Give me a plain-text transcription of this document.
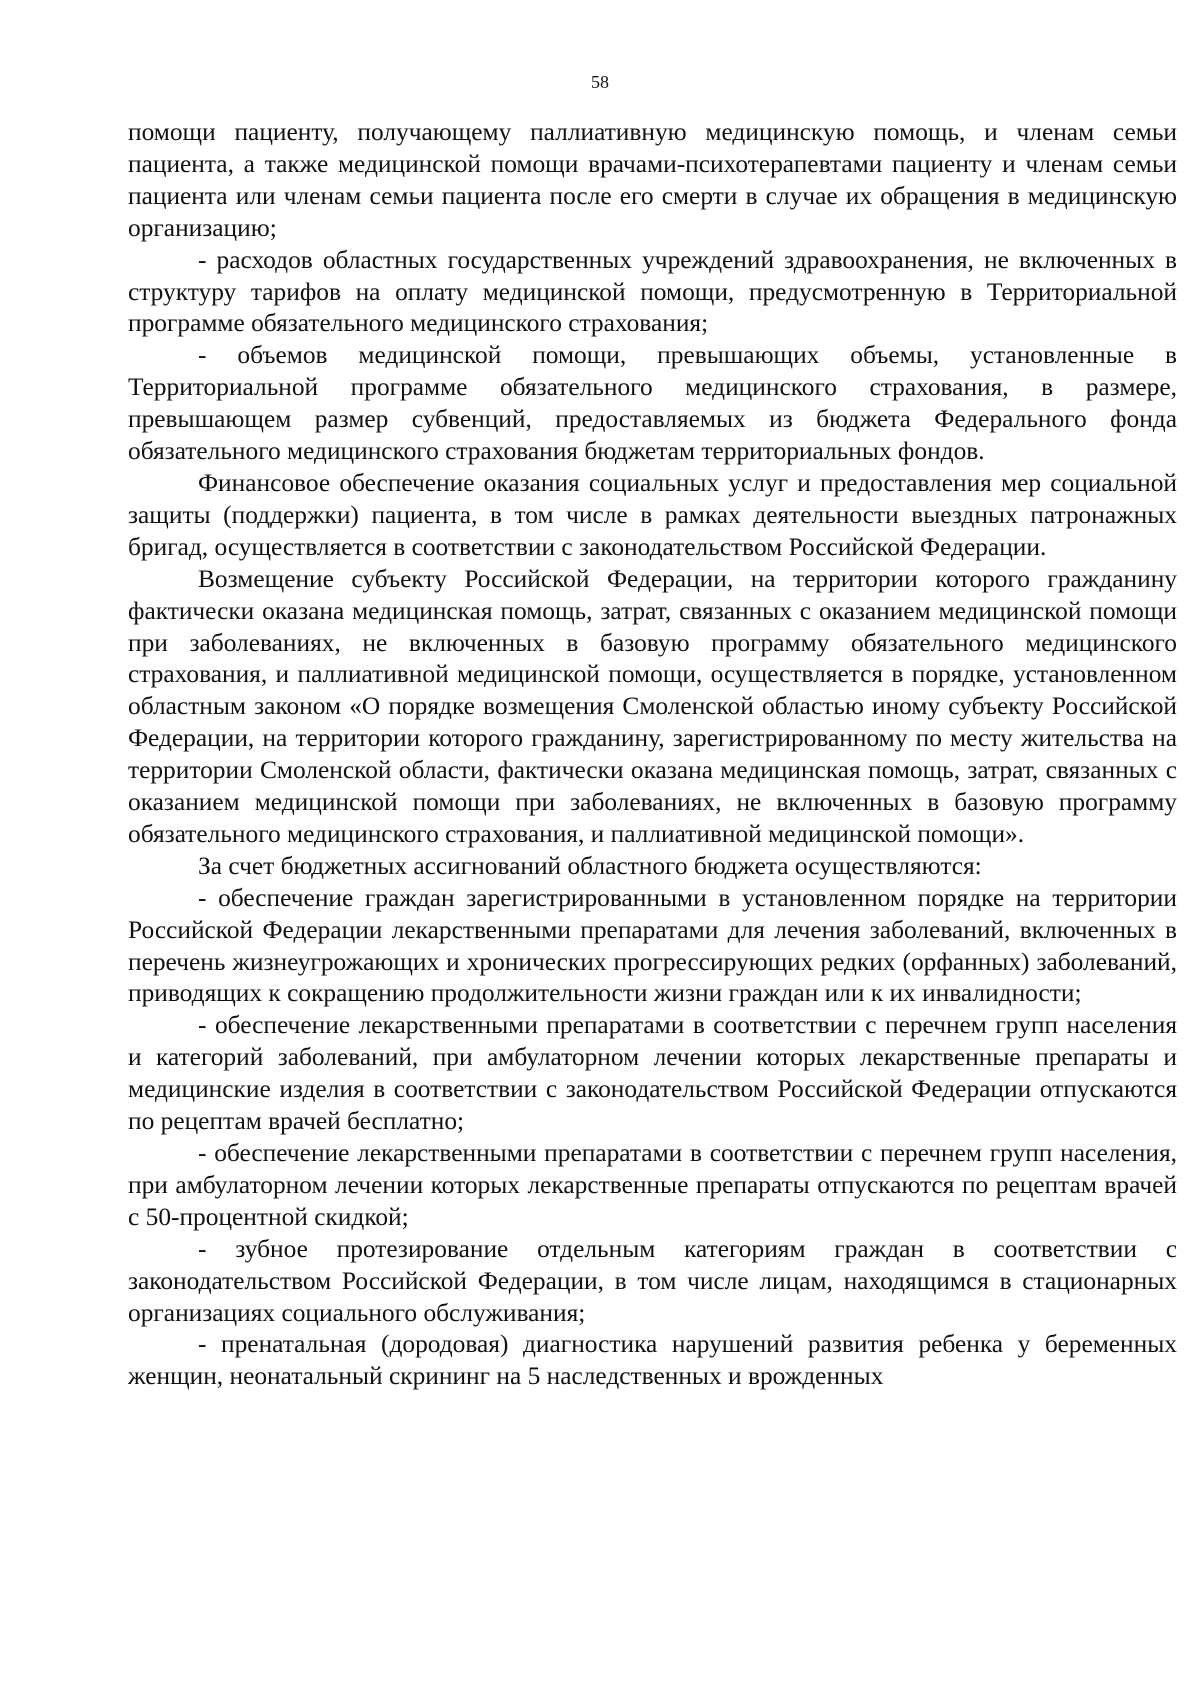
58

помощи пациенту, получающему паллиативную медицинскую помощь, и членам семьи пациента, а также медицинской помощи врачами-психотерапевтами пациенту и членам семьи пациента или членам семьи пациента после его смерти в случае их обращения в медицинскую организацию;

- расходов областных государственных учреждений здравоохранения, не включенных в структуру тарифов на оплату медицинской помощи, предусмотренную в Территориальной программе обязательного медицинского страхования;

- объемов медицинской помощи, превышающих объемы, установленные в Территориальной программе обязательного медицинского страхования, в размере, превышающем размер субвенций, предоставляемых из бюджета Федерального фонда обязательного медицинского страхования бюджетам территориальных фондов.

Финансовое обеспечение оказания социальных услуг и предоставления мер социальной защиты (поддержки) пациента, в том числе в рамках деятельности выездных патронажных бригад, осуществляется в соответствии с законодательством Российской Федерации.

Возмещение субъекту Российской Федерации, на территории которого гражданину фактически оказана медицинская помощь, затрат, связанных с оказанием медицинской помощи при заболеваниях, не включенных в базовую программу обязательного медицинского страхования, и паллиативной медицинской помощи, осуществляется в порядке, установленном областным законом «О порядке возмещения Смоленской областью иному субъекту Российской Федерации, на территории которого гражданину, зарегистрированному по месту жительства на территории Смоленской области, фактически оказана медицинская помощь, затрат, связанных с оказанием медицинской помощи при заболеваниях, не включенных в базовую программу обязательного медицинского страхования, и паллиативной медицинской помощи».

За счет бюджетных ассигнований областного бюджета осуществляются:

- обеспечение граждан зарегистрированными в установленном порядке на территории Российской Федерации лекарственными препаратами для лечения заболеваний, включенных в перечень жизнеугрожающих и хронических прогрессирующих редких (орфанных) заболеваний, приводящих к сокращению продолжительности жизни граждан или к их инвалидности;

- обеспечение лекарственными препаратами в соответствии с перечнем групп населения и категорий заболеваний, при амбулаторном лечении которых лекарственные препараты и медицинские изделия в соответствии с законодательством Российской Федерации отпускаются по рецептам врачей бесплатно;

- обеспечение лекарственными препаратами в соответствии с перечнем групп населения, при амбулаторном лечении которых лекарственные препараты отпускаются по рецептам врачей с 50-процентной скидкой;

- зубное протезирование отдельным категориям граждан в соответствии с законодательством Российской Федерации, в том числе лицам, находящимся в стационарных организациях социального обслуживания;

- пренатальная (дородовая) диагностика нарушений развития ребенка у беременных женщин, неонатальный скрининг на 5 наследственных и врожденных
